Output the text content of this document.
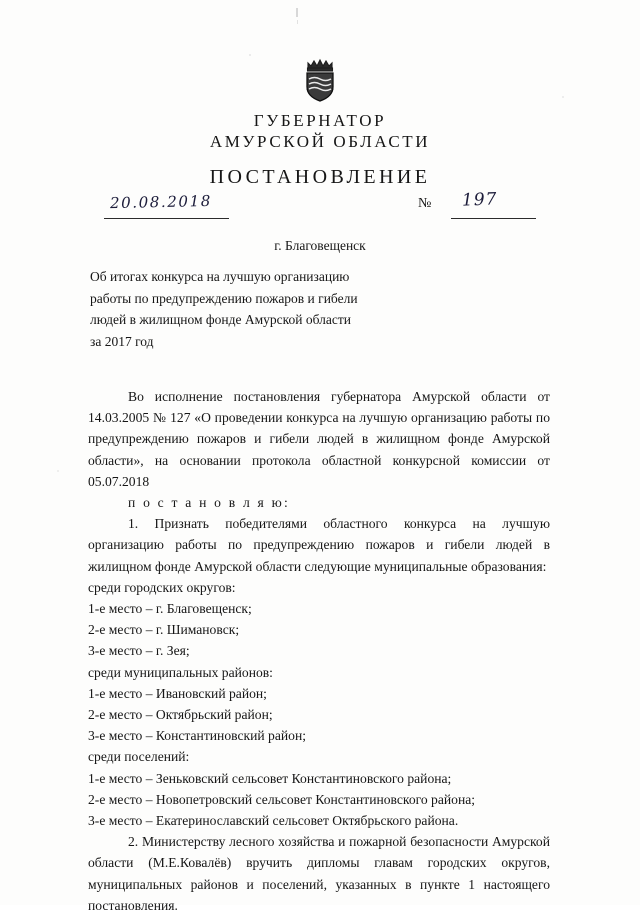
ГУБЕРНАТОР
АМУРСКОЙ ОБЛАСТИ
ПОСТАНОВЛЕНИЕ
20.08.2018	№ 197
г. Благовещенск
Об итогах конкурса на лучшую организацию работы по предупреждению пожаров и гибели людей в жилищном фонде Амурской области за 2017 год

Во исполнение постановления губернатора Амурской области от 14.03.2005 № 127 «О проведении конкурса на лучшую организацию работы по предупреждению пожаров и гибели людей в жилищном фонде Амурской области», на основании протокола областной конкурсной комиссии от 05.07.2018

п о с т а н о в л я ю:

1. Признать победителями областного конкурса на лучшую организацию работы по предупреждению пожаров и гибели людей в жилищном фонде Амурской области следующие муниципальные образования:

среди городских округов:

1-е место – г. Благовещенск;

2-е место – г. Шимановск;

3-е место – г. Зея;

среди муниципальных районов:

1-е место – Ивановский район;

2-е место – Октябрьский район;

3-е место – Константиновский район;

среди поселений:

1-е место – Зеньковский сельсовет Константиновского района;

2-е место – Новопетровский сельсовет Константиновского района;

3-е место – Екатеринославский сельсовет Октябрьского района.

2. Министерству лесного хозяйства и пожарной безопасности Амурской области (М.Е.Ковалёв) вручить дипломы главам городских округов, муниципальных районов и поселений, указанных в пункте 1 настоящего постановления.
